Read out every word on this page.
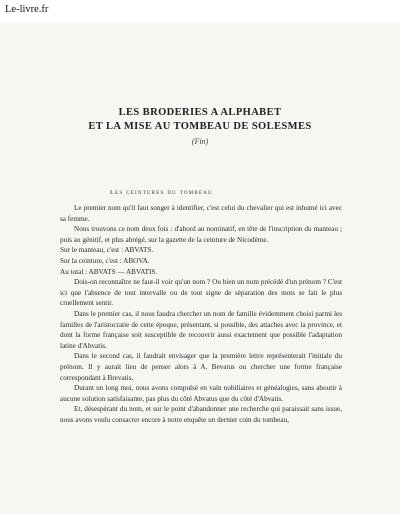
Le-livre.fr
LES BRODERIES A ALPHABET
ET LA MISE AU TOMBEAU DE SOLESMES
(Fin)
Les ceintures du tombeau

Le premier nom qu'il faut songer à identifier, c'est celui du chevalier qui est inhumé ici avec sa femme.

Nous trouvons ce nom deux fois : d'abord au nominatif, en tête de l'inscription du manteau ; puis au génitif, et plus abrégé, sur la gazette de la ceinture de Nicodème.

Sur le manteau, c'est : ABVATS.

Sur la ceinture, c'est : ABOVA.

Au total : ABVATS — ABVATIS.

Dois-on reconnaître ne faut-il voir qu'un nom ? Ou bien un nom précédé d'un prénom ? C'est ici que l'absence de tout intervalle ou de tout signe de séparation des mots se fait le plus cruellement sentir.

Dans le premier cas, il nous faudra chercher un nom de famille évidemment choisi parmi les familles de l'aristocratie de cette époque, présentant, si possible, des attaches avec la province, et dont la forme française soit susceptible de recouvrir aussi exactement que possible l'adaptation latine d'Abvatis.

Dans le second cas, il faudrait envisager que la première lettre représenterait l'initiale du prénom. Il y aurait lieu de penser alors à A. Bevatus ou chercher une forme française correspondant à Brevatis.

Durant un long moi, nous avons compulsé en vain nobiliaires et généalogies, sans aboutir à aucune solution satisfaisante, pas plus du côté Abvatus que du côté d'Abvatis.

Et, désespérant du nom, et sur le point d'abandonner une recherche qui paraissait sans issue, nous avons voulu consacrer encore à notre enquête un dernier coin du tombeau,
